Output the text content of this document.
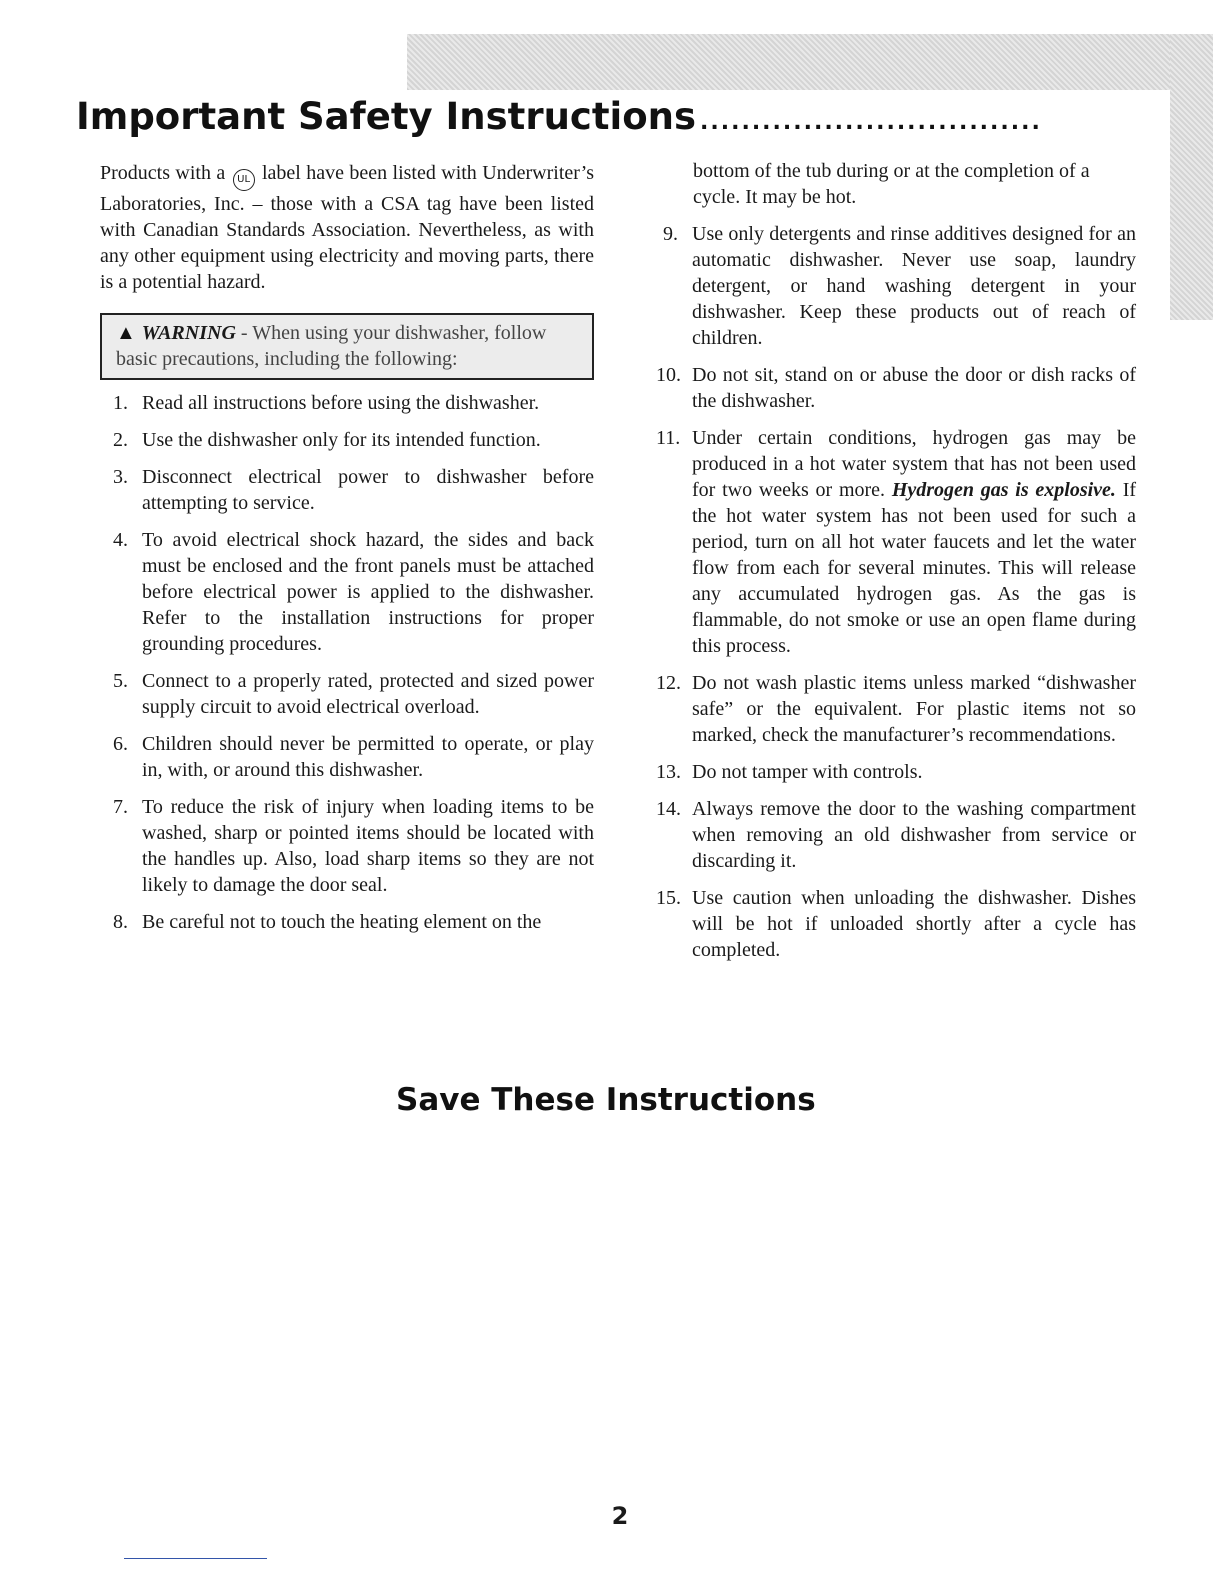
Important Safety Instructions .................................

Products with a UL label have been listed with Underwriter’s Laboratories, Inc. – those with a CSA tag have been listed with Canadian Standards Association. Nevertheless, as with any other equipment using electricity and moving parts, there is a potential hazard.

▲ WARNING - When using your dishwasher, follow basic precautions, including the following:
1. Read all instructions before using the dishwasher.
2. Use the dishwasher only for its intended function.
3. Disconnect electrical power to dishwasher before attempting to service.
4. To avoid electrical shock hazard, the sides and back must be enclosed and the front panels must be attached before electrical power is applied to the dishwasher. Refer to the installation instructions for proper grounding procedures.
5. Connect to a properly rated, protected and sized power supply circuit to avoid electrical overload.
6. Children should never be permitted to operate, or play in, with, or around this dishwasher.
7. To reduce the risk of injury when loading items to be washed, sharp or pointed items should be located with the handles up. Also, load sharp items so they are not likely to damage the door seal.
8. Be careful not to touch the heating element on the
bottom of the tub during or at the completion of a cycle. It may be hot.
9. Use only detergents and rinse additives designed for an automatic dishwasher. Never use soap, laundry detergent, or hand washing detergent in your dishwasher. Keep these products out of reach of children.
10. Do not sit, stand on or abuse the door or dish racks of the dishwasher.
11. Under certain conditions, hydrogen gas may be produced in a hot water system that has not been used for two weeks or more. Hydrogen gas is explosive. If the hot water system has not been used for such a period, turn on all hot water faucets and let the water flow from each for several minutes. This will release any accumulated hydrogen gas. As the gas is flammable, do not smoke or use an open flame during this process.
12. Do not wash plastic items unless marked “dishwasher safe” or the equivalent. For plastic items not so marked, check the manufacturer’s recommendations.
13. Do not tamper with controls.
14. Always remove the door to the washing compartment when removing an old dishwasher from service or discarding it.
15. Use caution when unloading the dishwasher. Dishes will be hot if unloaded shortly after a cycle has completed.
Save These Instructions
2
